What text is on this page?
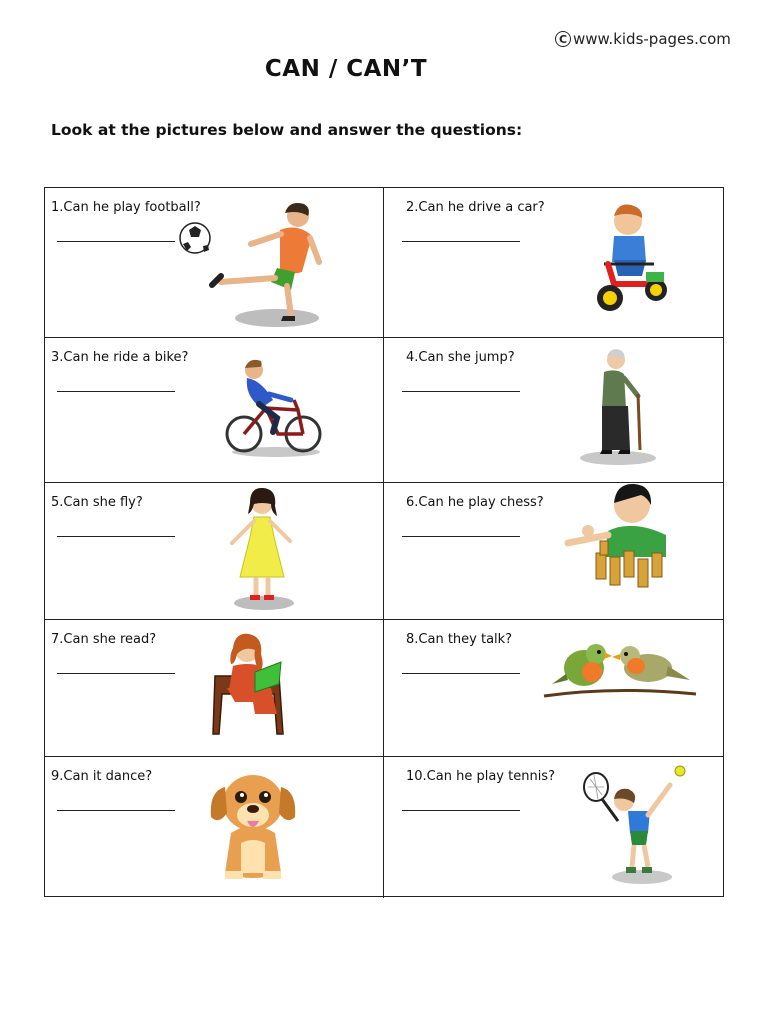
C www.kids-pages.com
CAN / CAN’T
Look at the pictures below and answer the questions:
1.Can he play football?	2.Can he drive a car?
3.Can he ride a bike?	4.Can she jump?
5.Can she fly?	6.Can he play chess?
7.Can she read?	8.Can they talk?
9.Can it dance?	10.Can he play tennis?
